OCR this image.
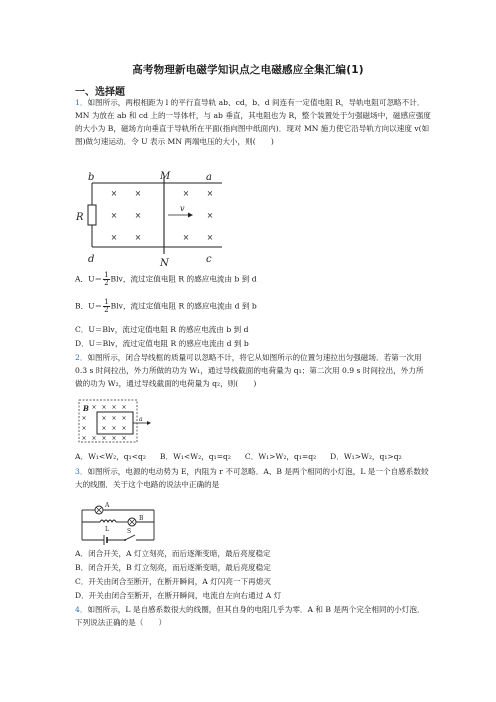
高考物理新电磁学知识点之电磁感应全集汇编(1)
一、选择题
1．如图所示，两根相距为 l 的平行直导轨 ab、cd，b、d 间连有一定值电阻 R，导轨电阻可忽略不计．MN 为放在 ab 和 cd 上的一导体杆，与 ab 垂直，其电阻也为 R，整个装置处于匀强磁场中，磁感应强度的大小为 B，磁场方向垂直于导轨所在平面(指向图中纸面内)．现对 MN 施力使它沿导轨方向以速度 v(如图)做匀速运动．令 U 表示 MN 两端电压的大小，则(　　)
× ×	× ×
× ×	×
× ×	× ×
v
b	a
M
d	c
N
R
A．$U= \frac{1}{2}$ Blv，流过定值电阻 R 的感应电流由 b 到 d
B．$U= \frac{1}{2}$ Blv，流过定值电阻 R 的感应电流由 d 到 b
C．U＝Blv，流过定值电阻 R 的感应电流由 b 到 d
D．U＝Blv，流过定值电阻 R 的感应电流由 d 到 b
2．如图所示，闭合导线框的质量可以忽略不计，将它从如图所示的位置匀速拉出匀强磁场．若第一次用 0.3 s 时间拉出，外力所做的功为 W₁，通过导线截面的电荷量为 q₁；第二次用 0.9 s 时间拉出，外力所做的功为 W₂，通过导线截面的电荷量为 q₂，则(　　)
a
B × × × ×
× × × ×
× × × ×
× × × × ×
A．W₁<W₂，q₁<q₂ B．W₁<W₂，q₁=q₂ C．W₁>W₂，q₁=q₂ D．W₁>W₂，q₁>q₂
3．如图所示，电源的电动势为 E，内阻为 r 不可忽略．A、B 是两个相同的小灯泡，L 是一个自感系数较大的线圈．关于这个电路的说法中正确的是
A
L
B
S
A．闭合开关，A 灯立刻亮，而后逐渐变暗，最后亮度稳定
B．闭合开关，B 灯立刻亮，而后逐渐变暗，最后亮度稳定
C．开关由闭合至断开，在断开瞬间，A 灯闪亮一下再熄灭
D．开关由闭合至断开，在断开瞬间，电流自左向右通过 A 灯
4．如图所示，L 是自感系数很大的线圈，但其自身的电阻几乎为零．A 和 B 是两个完全相同的小灯泡．下列说法正确的是（　　）
